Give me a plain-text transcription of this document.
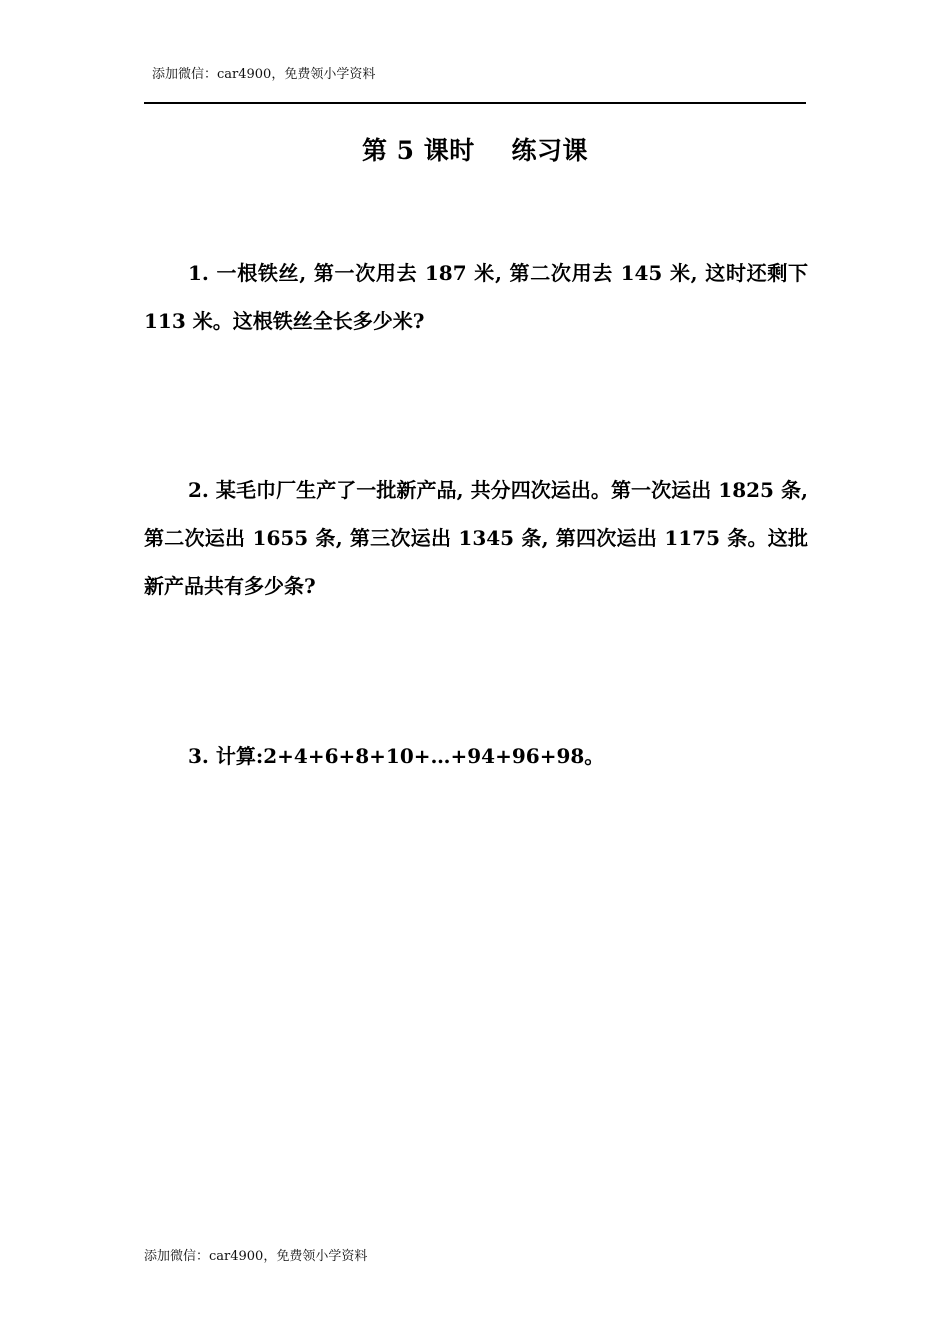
添加微信：car4900，免费领小学资料
第 5 课时    练习课
1. 一根铁丝, 第一次用去 187 米, 第二次用去 145 米, 这时还剩下 113 米。这根铁丝全长多少米?
2. 某毛巾厂生产了一批新产品, 共分四次运出。第一次运出 1825 条, 第二次运出 1655 条, 第三次运出 1345 条, 第四次运出 1175 条。这批新产品共有多少条?
3. 计算:2+4+6+8+10+…+94+96+98。
添加微信：car4900，免费领小学资料
